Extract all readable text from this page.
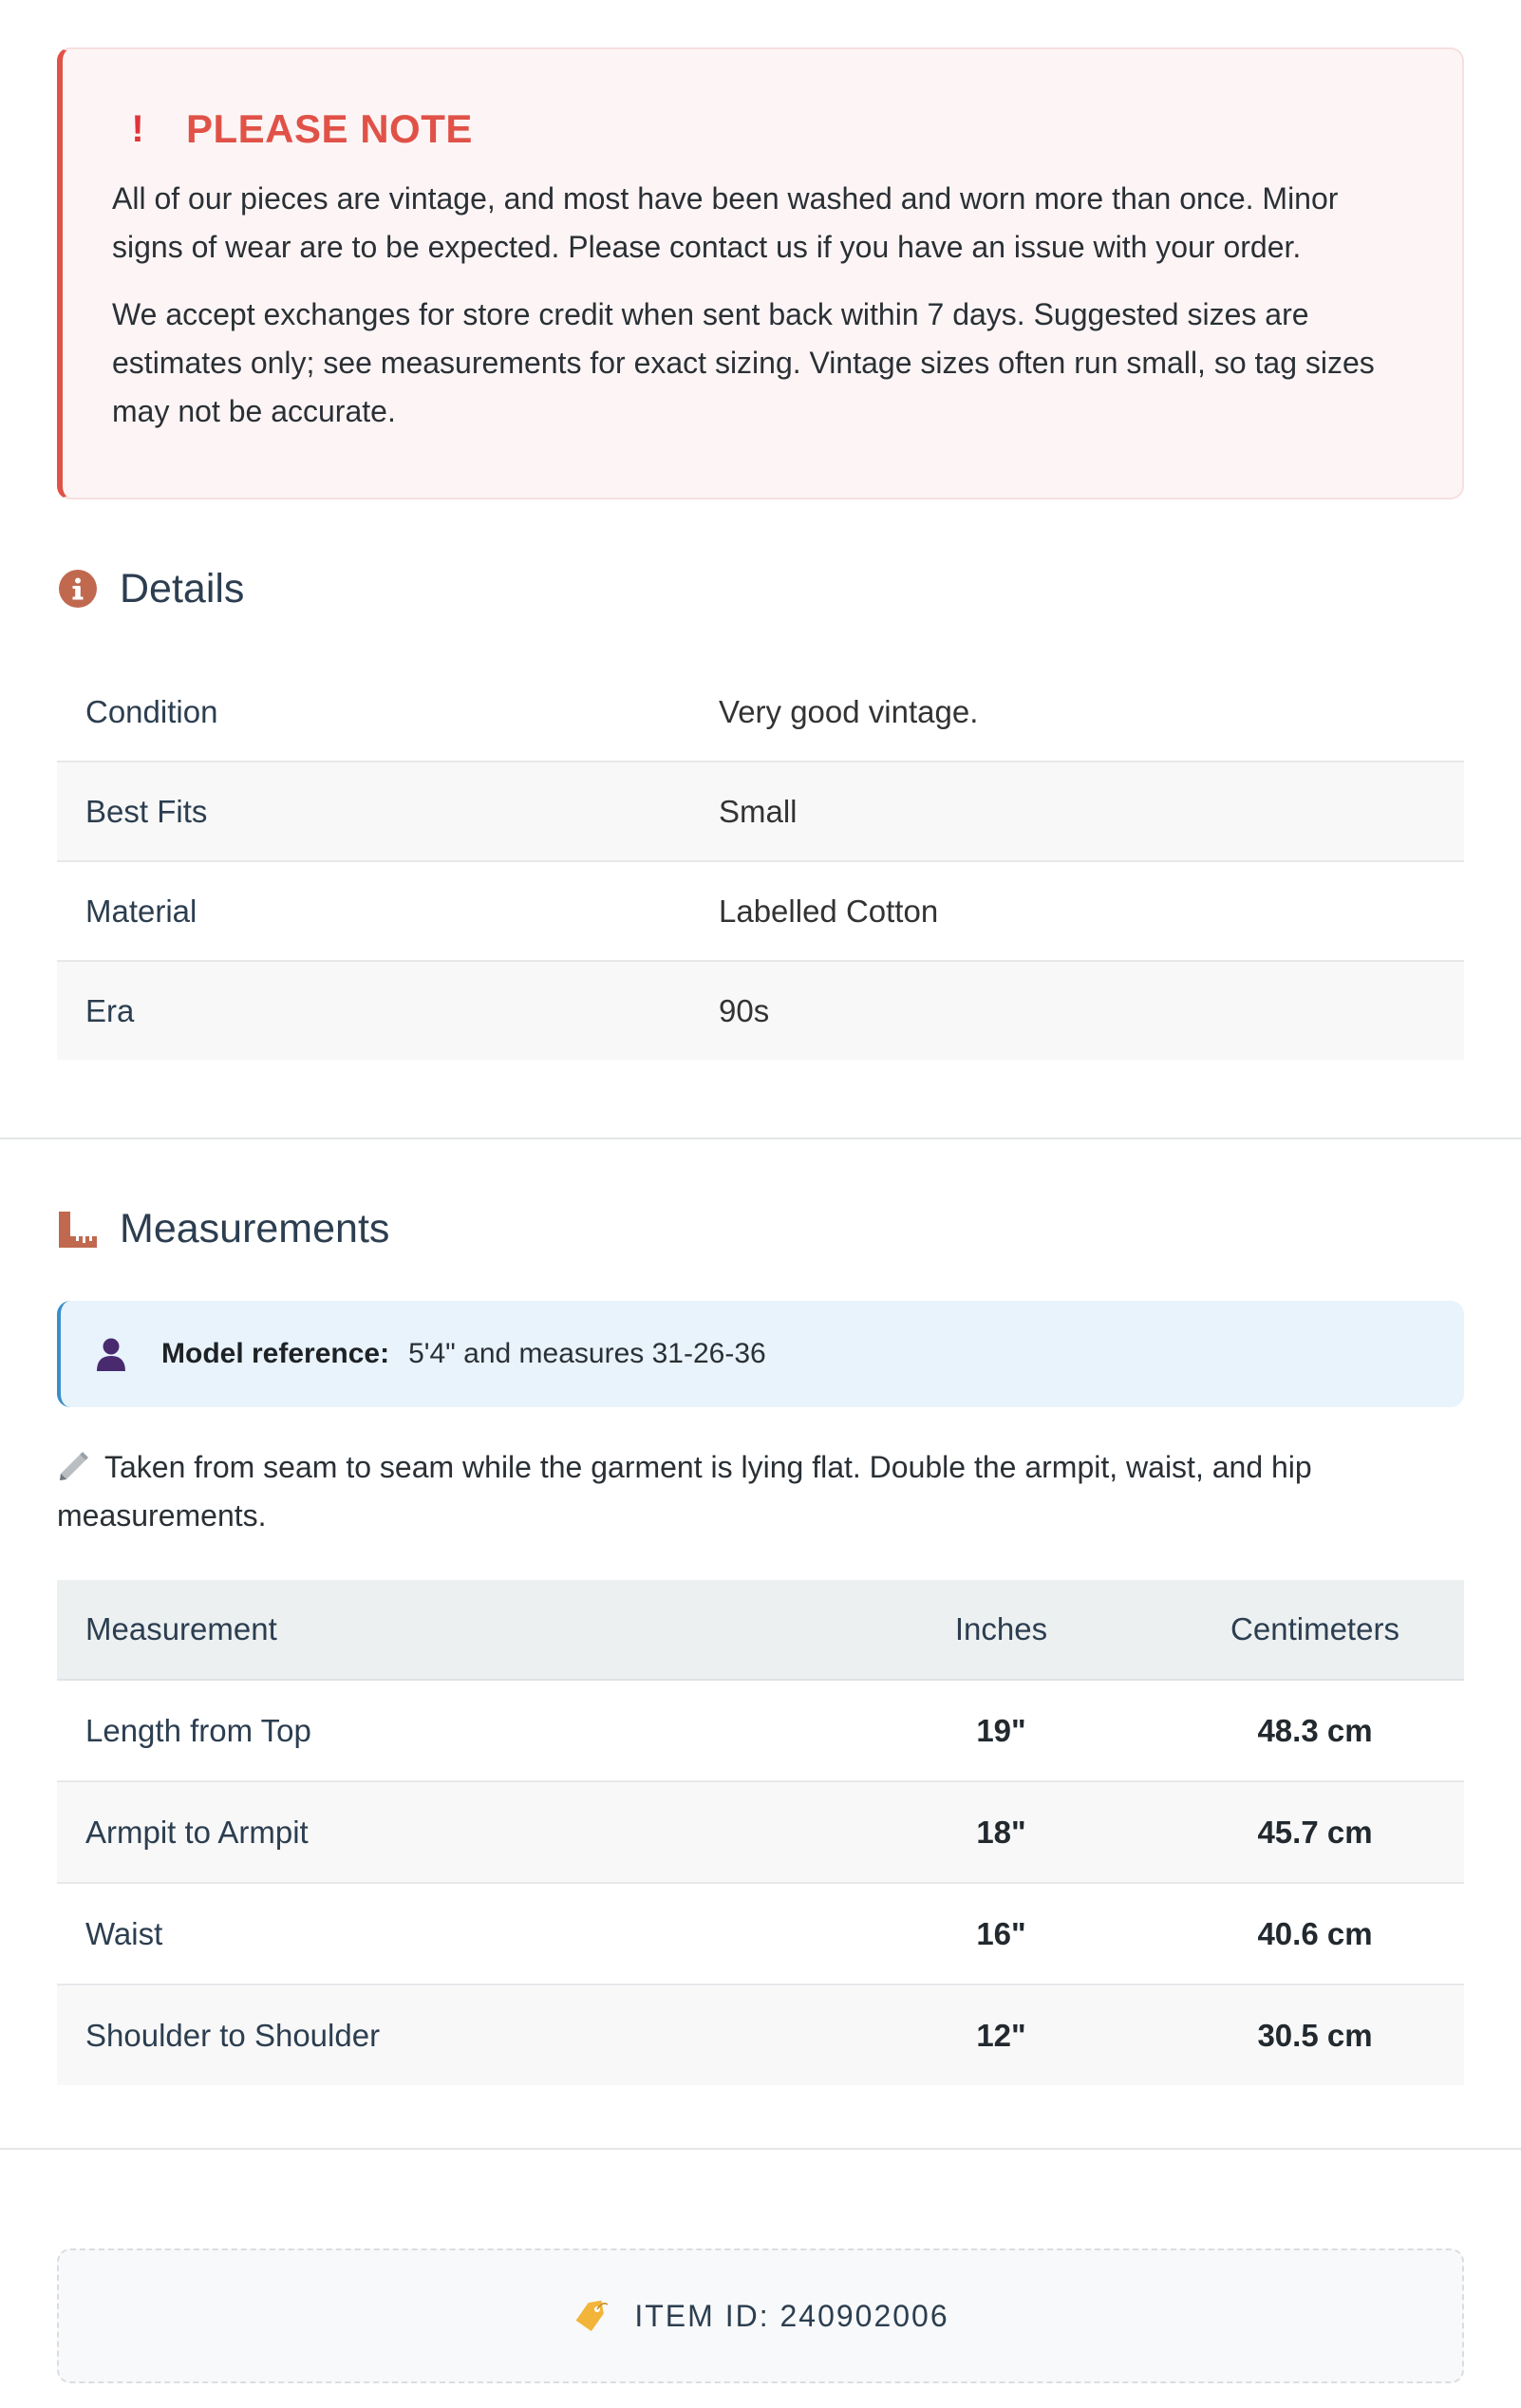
! PLEASE NOTE

All of our pieces are vintage, and most have been washed and worn more than once. Minor signs of wear are to be expected. Please contact us if you have an issue with your order.

We accept exchanges for store credit when sent back within 7 days. Suggested sizes are estimates only; see measurements for exact sizing. Vintage sizes often run small, so tag sizes may not be accurate.

Details
Condition	Very good vintage.
Best Fits	Small
Material	Labelled Cotton
Era	90s
Measurements
Model reference: 5'4" and measures 31-26-36
Taken from seam to seam while the garment is lying flat. Double the armpit, waist, and hip measurements.
Measurement	Inches	Centimeters
Length from Top	19"	48.3 cm
Armpit to Armpit	18"	45.7 cm
Waist	16"	40.6 cm
Shoulder to Shoulder	12"	30.5 cm
ITEM ID: 240902006
